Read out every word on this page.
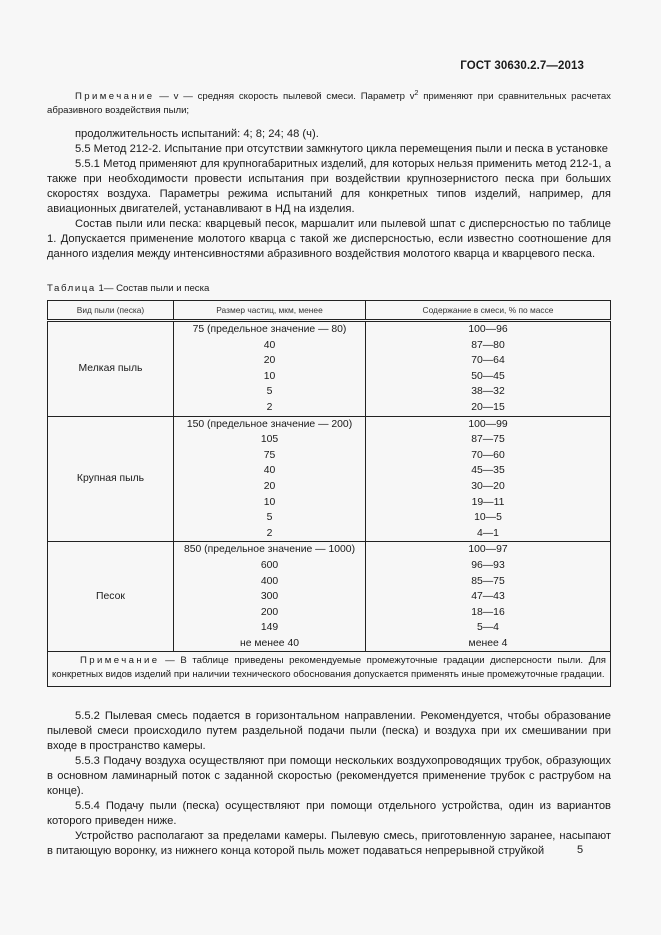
ГОСТ 30630.2.7—2013

Примечание — v — средняя скорость пылевой смеси. Параметр $v^2$ применяют при сравнительных расчетах абразивного воздействия пыли;

продолжительность испытаний: 4; 8; 24; 48 (ч).

5.5 Метод 212-2. Испытание при отсутствии замкнутого цикла перемещения пыли и песка в установке

5.5.1 Метод применяют для крупногабаритных изделий, для которых нельзя применить метод 212-1, а также при необходимости провести испытания при воздействии крупнозернистого песка при больших скоростях воздуха. Параметры режима испытаний для конкретных типов изделий, например, для авиационных двигателей, устанавливают в НД на изделия.

Состав пыли или песка: кварцевый песок, маршалит или пылевой шпат с дисперсностью по таблице 1. Допускается применение молотого кварца с такой же дисперсностью, если известно соотношение для данного изделия между интенсивностями абразивного воздействия молотого кварца и кварцевого песка.

Таблица 1— Состав пыли и песка
Вид пыли (песка)	Размер частиц, мкм, менее	Содержание в смеси, % по массе
Мелкая пыль	75 (предельное значение — 80)	100—96
	40	87—80
	20	70—64
	10	50—45
	5	38—32
	2	20—15
Крупная пыль	150 (предельное значение — 200)	100—99
	105	87—75
	75	70—60
	40	45—35
	20	30—20
	10	19—11
	5	10—5
	2	4—1
Песок	850 (предельное значение — 1000)	100—97
	600	96—93
	400	85—75
	300	47—43
	200	18—16
	149	5—4
	не менее 40	менее 4
Примечание — В таблице приведены рекомендуемые промежуточные градации дисперсности пыли. Для конкретных видов изделий при наличии технического обоснования допускается применять иные промежуточные градации.		

5.5.2 Пылевая смесь подается в горизонтальном направлении. Рекомендуется, чтобы образование пылевой смеси происходило путем раздельной подачи пыли (песка) и воздуха при их смешивании при входе в пространство камеры.

5.5.3 Подачу воздуха осуществляют при помощи нескольких воздухопроводящих трубок, образующих в основном ламинарный поток с заданной скоростью (рекомендуется применение трубок с раструбом на конце).

5.5.4 Подачу пыли (песка) осуществляют при помощи отдельного устройства, один из вариантов которого приведен ниже.

Устройство располагают за пределами камеры. Пылевую смесь, приготовленную заранее, насыпают в питающую воронку, из нижнего конца которой пыль может подаваться непрерывной струйкой	5
